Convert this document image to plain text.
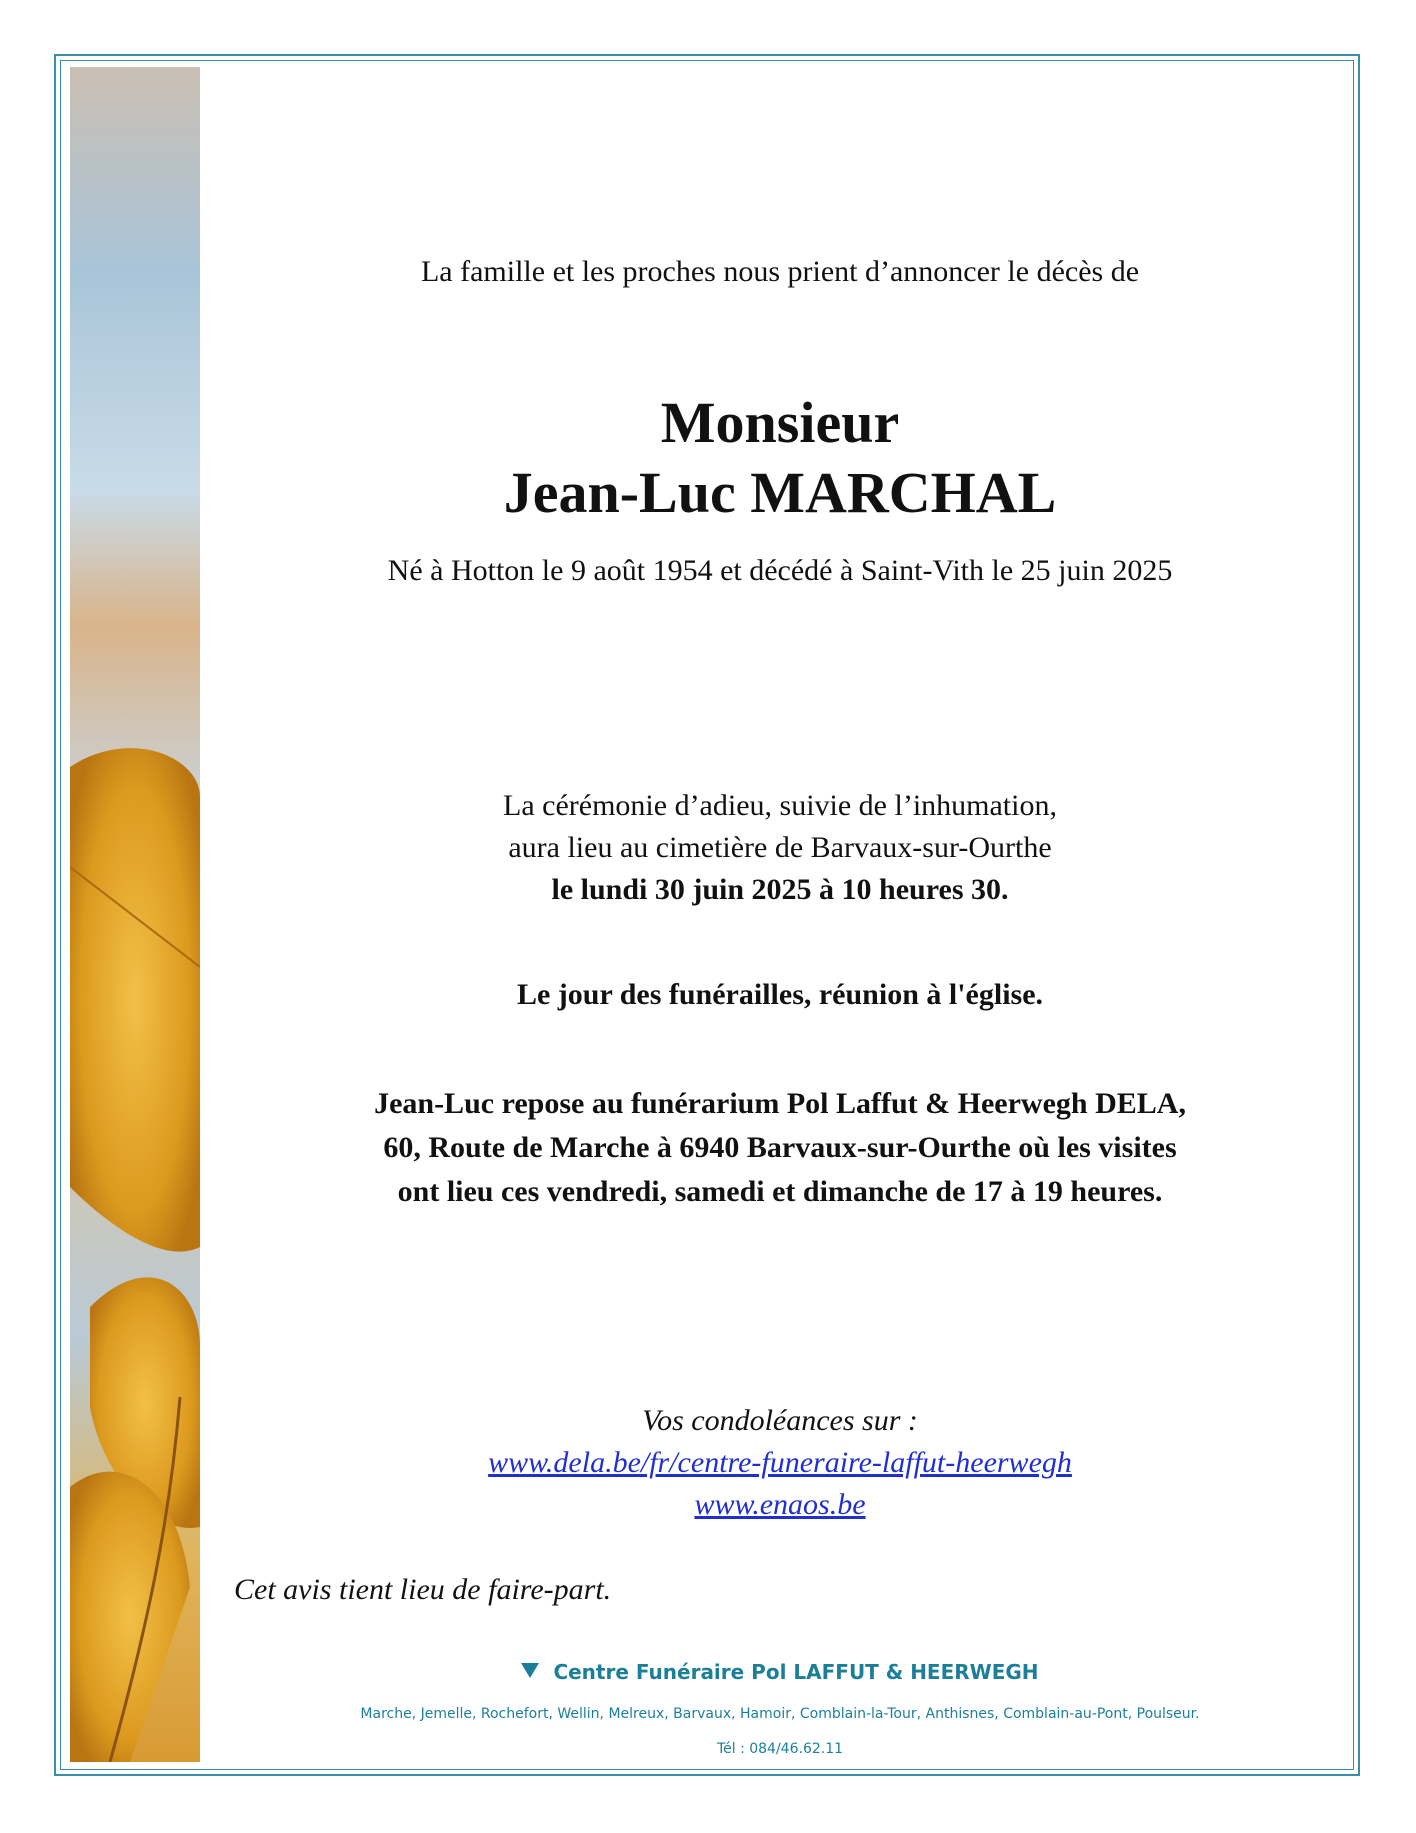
La famille et les proches nous prient d’annoncer le décès de
Monsieur
Jean-Luc MARCHAL
Né à Hotton le 9 août 1954 et décédé à Saint-Vith le 25 juin 2025
La cérémonie d’adieu, suivie de l’inhumation,
aura lieu au cimetière de Barvaux-sur-Ourthe
le lundi 30 juin 2025 à 10 heures 30.
Le jour des funérailles, réunion à l'église.
Jean-Luc repose au funérarium Pol Laffut & Heerwegh DELA,
60, Route de Marche à 6940 Barvaux-sur-Ourthe où les visites
ont lieu ces vendredi, samedi et dimanche de 17 à 19 heures.
Vos condoléances sur :
www.dela.be/fr/centre-funeraire-laffut-heerwegh
www.enaos.be
Cet avis tient lieu de faire-part.
Centre Funéraire Pol LAFFUT & HEERWEGH
Marche, Jemelle, Rochefort, Wellin, Melreux, Barvaux, Hamoir, Comblain-la-Tour, Anthisnes, Comblain-au-Pont, Poulseur.
Tél : 084/46.62.11
